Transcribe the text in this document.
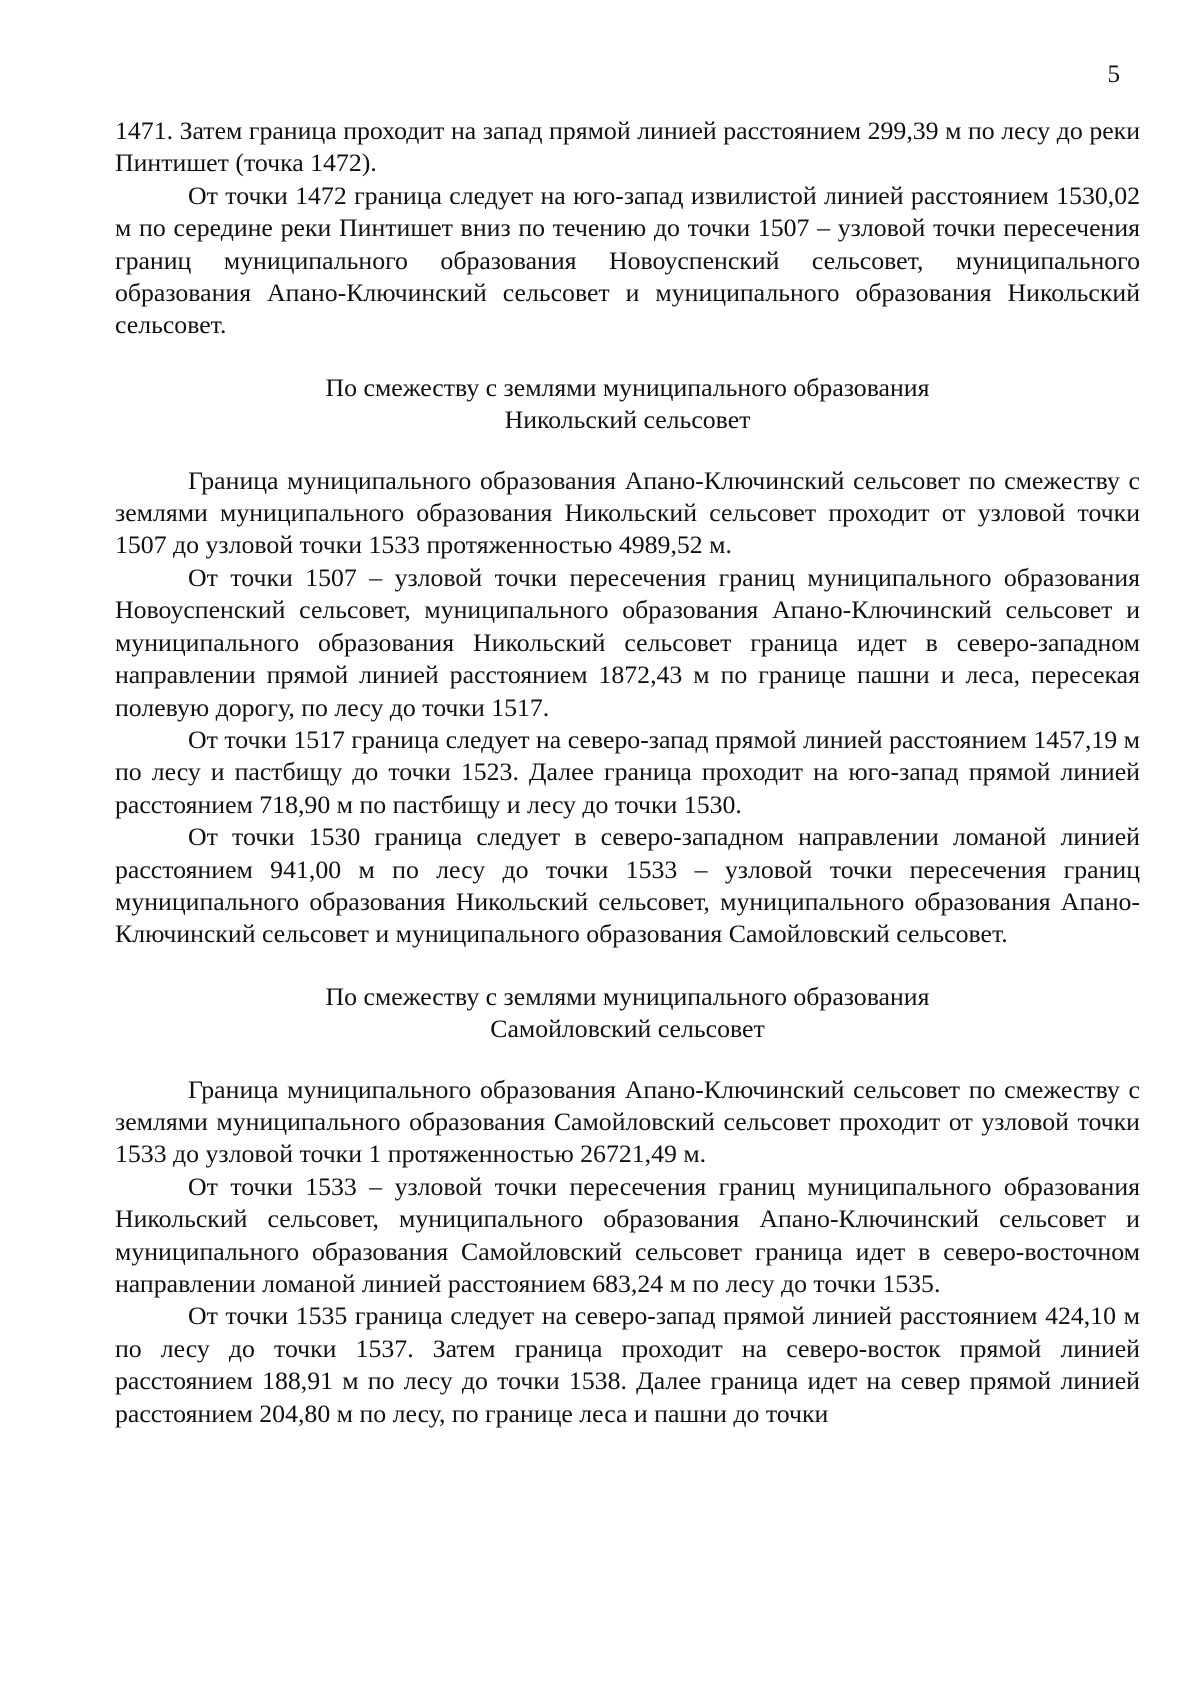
5

1471. Затем граница проходит на запад прямой линией расстоянием 299,39 м по лесу до реки Пинтишет (точка 1472).

От точки 1472 граница следует на юго-запад извилистой линией расстоянием 1530,02 м по середине реки Пинтишет вниз по течению до точки 1507 – узловой точки пересечения границ муниципального образования Новоуспенский сельсовет, муниципального образования Апано-Ключинский сельсовет и муниципального образования Никольский сельсовет.

По смежеству с землями муниципального образования
Никольский сельсовет

Граница муниципального образования Апано-Ключинский сельсовет по смежеству с землями муниципального образования Никольский сельсовет проходит от узловой точки 1507 до узловой точки 1533 протяженностью 4989,52 м.

От точки 1507 – узловой точки пересечения границ муниципального образования Новоуспенский сельсовет, муниципального образования Апано-Ключинский сельсовет и муниципального образования Никольский сельсовет граница идет в северо-западном направлении прямой линией расстоянием 1872,43 м по границе пашни и леса, пересекая полевую дорогу, по лесу до точки 1517.

От точки 1517 граница следует на северо-запад прямой линией расстоянием 1457,19 м по лесу и пастбищу до точки 1523. Далее граница проходит на юго-запад прямой линией расстоянием 718,90 м по пастбищу и лесу до точки 1530.

От точки 1530 граница следует в северо-западном направлении ломаной линией расстоянием 941,00 м по лесу до точки 1533 – узловой точки пересечения границ муниципального образования Никольский сельсовет, муниципального образования Апано-Ключинский сельсовет и муниципального образования Самойловский сельсовет.

По смежеству с землями муниципального образования
Самойловский сельсовет

Граница муниципального образования Апано-Ключинский сельсовет по смежеству с землями муниципального образования Самойловский сельсовет проходит от узловой точки 1533 до узловой точки 1 протяженностью 26721,49 м.

От точки 1533 – узловой точки пересечения границ муниципального образования Никольский сельсовет, муниципального образования Апано-Ключинский сельсовет и муниципального образования Самойловский сельсовет граница идет в северо-восточном направлении ломаной линией расстоянием 683,24 м по лесу до точки 1535.

От точки 1535 граница следует на северо-запад прямой линией расстоянием 424,10 м по лесу до точки 1537. Затем граница проходит на северо-восток прямой линией расстоянием 188,91 м по лесу до точки 1538. Далее граница идет на север прямой линией расстоянием 204,80 м по лесу, по границе леса и пашни до точки
